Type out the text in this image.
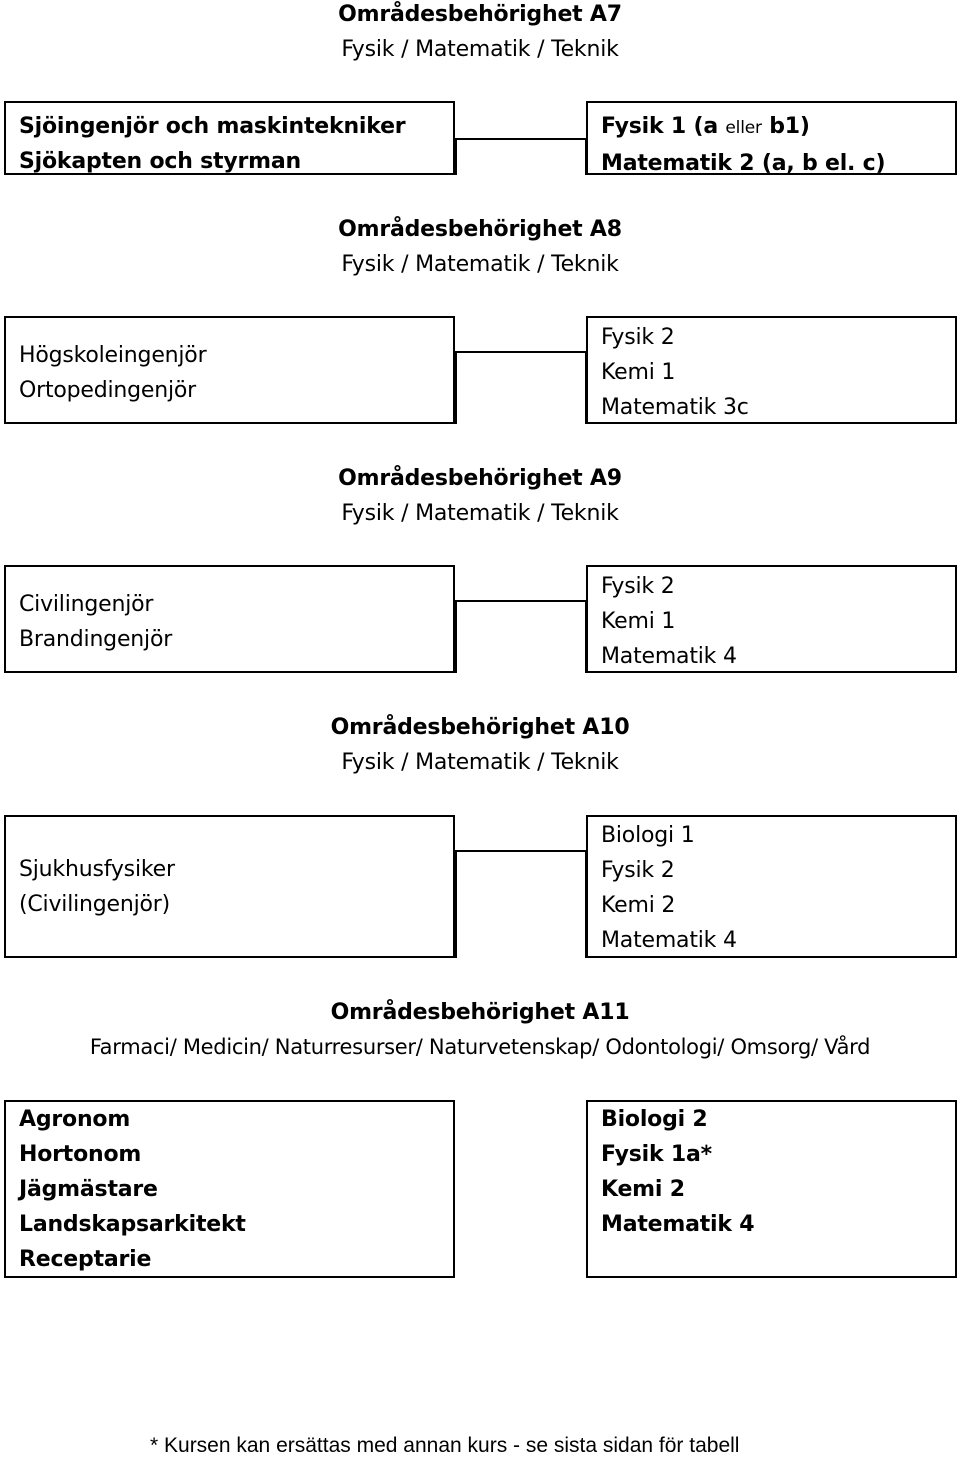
Områdesbehörighet A7
Fysik / Matematik / Teknik
Sjöingenjör och maskintekniker
Sjökapten och styrman
Fysik 1 (a eller b1)
Matematik 2 (a, b el. c)
Områdesbehörighet A8
Fysik / Matematik / Teknik
Högskoleingenjör
Ortopedingenjör
Fysik 2
Kemi 1
Matematik 3c
Områdesbehörighet A9
Fysik / Matematik / Teknik
Civilingenjör
Brandingenjör
Fysik 2
Kemi 1
Matematik 4
Områdesbehörighet A10
Fysik / Matematik / Teknik
Sjukhusfysiker
(Civilingenjör)
Biologi 1
Fysik 2
Kemi 2
Matematik 4
Områdesbehörighet A11
Farmaci/ Medicin/ Naturresurser/ Naturvetenskap/ Odontologi/ Omsorg/ Vård
Agronom
Hortonom
Jägmästare
Landskapsarkitekt
Receptarie
Biologi 2
Fysik 1a*
Kemi 2
Matematik 4
* Kursen kan ersättas med annan kurs - se sista sidan för tabell
